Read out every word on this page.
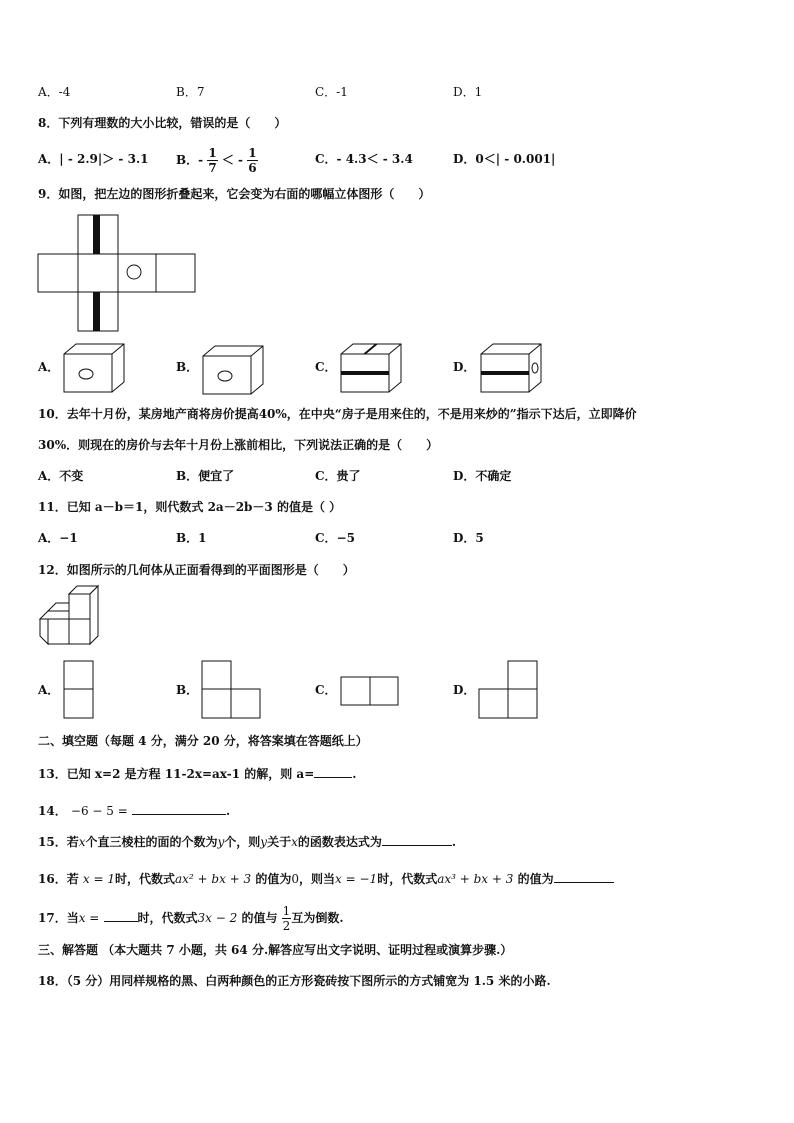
A．-4	B．7	C．-1	D．1
8．下列有理数的大小比较，错误的是（　　）
A．| - 2.9|＞ - 3.1 B．- $\frac{1}{7}$ ＜ - $\frac{1}{6}$	C．- 4.3＜ - 3.4	D．0＜| - 0.001|
9．如图，把左边的图形折叠起来，它会变为右面的哪幅立体图形（　　）
A．	B．	C．	D．
10．去年十月份，某房地产商将房价提高40%，在中央“房子是用来住的，不是用来炒的”指示下达后，立即降价
30%．则现在的房价与去年十月份上涨前相比，下列说法正确的是（　　）
A．不变	B．便宜了	C．贵了	D．不确定
11．已知 a－b＝1，则代数式 2a－2b－3 的值是（ ）
A．−1	B．1	C．−5	D．5
12．如图所示的几何体从正面看得到的平面图形是（　　）
A．	B．	C．	D．
二、填空题（每题 4 分，满分 20 分，将答案填在答题纸上）
13．已知 x=2 是方程 11-2x=ax-1 的解，则 a=	.
14． −6 − 5 =	.
15．若x个直三棱柱的面的个数为y个，则y关于x的函数表达式为	.
16．若 x = 1时，代数式ax² + bx + 3 的值为0，则当x = −1时，代数式ax³ + bx + 3 的值为
17．当x =	时，代数式3x − 2 的值与 $\frac{1}{2}$ 互为倒数.
三、解答题 （本大题共 7 小题，共 64 分.解答应写出文字说明、证明过程或演算步骤.）
18．（5 分）用同样规格的黑、白两种颜色的正方形瓷砖按下图所示的方式铺宽为 1.5 米的小路.
